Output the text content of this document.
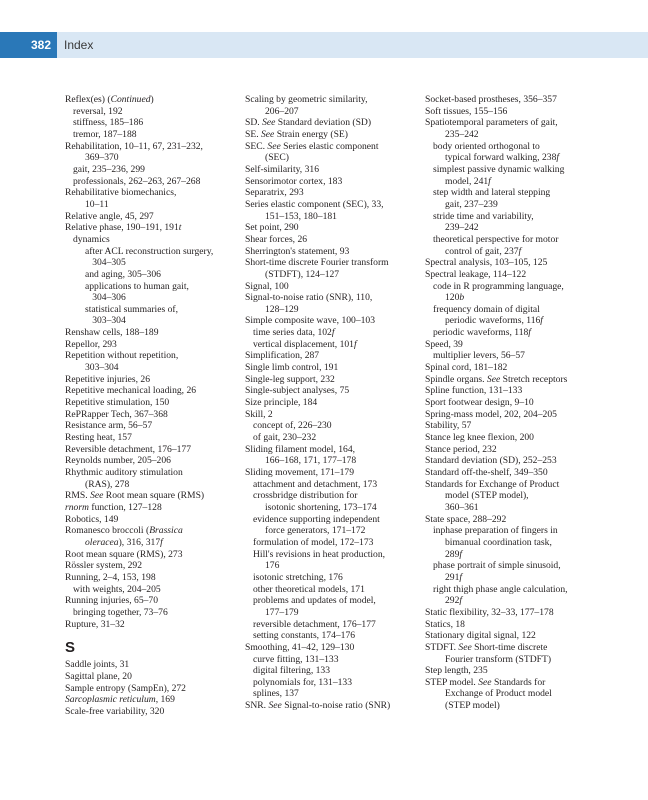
382	Index
Reflex(es) (Continued)
reversal, 192
stiffness, 185–186
tremor, 187–188
Rehabilitation, 10–11, 67, 231–232,
369–370
gait, 235–236, 299
professionals, 262–263, 267–268
Rehabilitative biomechanics,
10–11
Relative angle, 45, 297
Relative phase, 190–191, 191t
dynamics
after ACL reconstruction surgery,
304–305
and aging, 305–306
applications to human gait,
304–306
statistical summaries of,
303–304
Renshaw cells, 188–189
Repellor, 293
Repetition without repetition,
303–304
Repetitive injuries, 26
Repetitive mechanical loading, 26
Repetitive stimulation, 150
RePRapper Tech, 367–368
Resistance arm, 56–57
Resting heat, 157
Reversible detachment, 176–177
Reynolds number, 205–206
Rhythmic auditory stimulation
(RAS), 278
RMS. See Root mean square (RMS)
rnorm function, 127–128
Robotics, 149
Romanesco broccoli (Brassica
oleracea), 316, 317f
Root mean square (RMS), 273
Rössler system, 292
Running, 2–4, 153, 198
with weights, 204–205
Running injuries, 65–70
bringing together, 73–76
Rupture, 31–32
S
Saddle joints, 31
Sagittal plane, 20
Sample entropy (SampEn), 272
Sarcoplasmic reticulum, 169
Scale-free variability, 320
Scaling by geometric similarity,
206–207
SD. See Standard deviation (SD)
SE. See Strain energy (SE)
SEC. See Series elastic component
(SEC)
Self-similarity, 316
Sensorimotor cortex, 183
Separatrix, 293
Series elastic component (SEC), 33,
151–153, 180–181
Set point, 290
Shear forces, 26
Sherrington's statement, 93
Short-time discrete Fourier transform
(STDFT), 124–127
Signal, 100
Signal-to-noise ratio (SNR), 110,
128–129
Simple composite wave, 100–103
time series data, 102f
vertical displacement, 101f
Simplification, 287
Single limb control, 191
Single-leg support, 232
Single-subject analyses, 75
Size principle, 184
Skill, 2
concept of, 226–230
of gait, 230–232
Sliding filament model, 164,
166–168, 171, 177–178
Sliding movement, 171–179
attachment and detachment, 173
crossbridge distribution for
isotonic shortening, 173–174
evidence supporting independent
force generators, 171–172
formulation of model, 172–173
Hill's revisions in heat production,
176
isotonic stretching, 176
other theoretical models, 171
problems and updates of model,
177–179
reversible detachment, 176–177
setting constants, 174–176
Smoothing, 41–42, 129–130
curve fitting, 131–133
digital filtering, 133
polynomials for, 131–133
splines, 137
SNR. See Signal-to-noise ratio (SNR)
Socket-based prostheses, 356–357
Soft tissues, 155–156
Spatiotemporal parameters of gait,
235–242
body oriented orthogonal to
typical forward walking, 238f
simplest passive dynamic walking
model, 241f
step width and lateral stepping
gait, 237–239
stride time and variability,
239–242
theoretical perspective for motor
control of gait, 237f
Spectral analysis, 103–105, 125
Spectral leakage, 114–122
code in R programming language,
120b
frequency domain of digital
periodic waveforms, 116f
periodic waveforms, 118f
Speed, 39
multiplier levers, 56–57
Spinal cord, 181–182
Spindle organs. See Stretch receptors
Spline function, 131–133
Sport footwear design, 9–10
Spring-mass model, 202, 204–205
Stability, 57
Stance leg knee flexion, 200
Stance period, 232
Standard deviation (SD), 252–253
Standard off-the-shelf, 349–350
Standards for Exchange of Product
model (STEP model),
360–361
State space, 288–292
inphase preparation of fingers in
bimanual coordination task,
289f
phase portrait of simple sinusoid,
291f
right thigh phase angle calculation,
292f
Static flexibility, 32–33, 177–178
Statics, 18
Stationary digital signal, 122
STDFT. See Short-time discrete
Fourier transform (STDFT)
Step length, 235
STEP model. See Standards for
Exchange of Product model
(STEP model)
